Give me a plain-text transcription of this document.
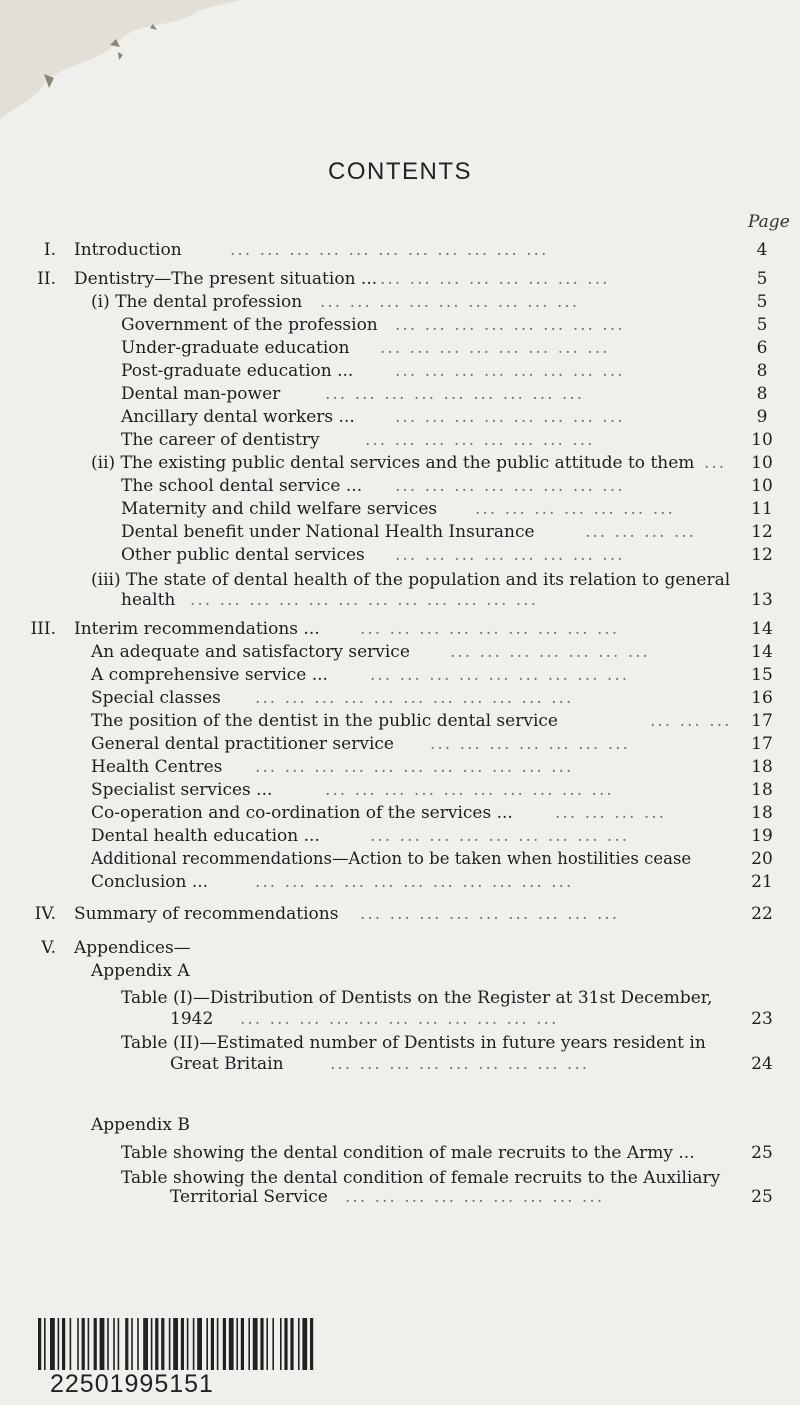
CONTENTS
Page
I. Introduction	... ... ... ... ... ... ... ... ... ... ...	4
II. Dentistry—The present situation ... ... ... ... ... ... ... ... ...	5
(i) The dental profession ... ... ... ... ... ... ... ... ...	5
Government of the profession ... ... ... ... ... ... ... ...	5
Under-graduate education ... ... ... ... ... ... ... ...	6
Post-graduate education ... ... ... ... ... ... ... ... ...	8
Dental man-power	... ... ... ... ... ... ... ... ...	8
Ancillary dental workers ... ... ... ... ... ... ... ... ...	9
The career of dentistry	... ... ... ... ... ... ... ...	10
(ii) The existing public dental services and the public attitude to them ...	10
The school dental service ... ... ... ... ... ... ... ... ...	10
Maternity and child welfare services ... ... ... ... ... ... ...	11
Dental benefit under National Health Insurance	... ... ... ...	12
Other public dental services ... ... ... ... ... ... ... ...	12
(iii) The state of dental health of the population and its relation to general
health ... ... ... ... ... ... ... ... ... ... ... ...	13
III. Interim recommendations ... ... ... ... ... ... ... ... ... ...	14
An adequate and satisfactory service ... ... ... ... ... ... ...	14
A comprehensive service ... ... ... ... ... ... ... ... ... ...	15
Special classes ... ... ... ... ... ... ... ... ... ... ...	16
The position of the dentist in the public dental service	... ... ... 17
General dental practitioner service ... ... ... ... ... ... ...	17
Health Centres ... ... ... ... ... ... ... ... ... ... ...	18
Specialist services ...	... ... ... ... ... ... ... ... ... ...	18
Co-operation and co-ordination of the services ... ... ... ... ...	18
Dental health education ...	... ... ... ... ... ... ... ... ...	19
Additional recommendations—Action to be taken when hostilities cease	20
Conclusion ...	... ... ... ... ... ... ... ... ... ... ...	21
IV. Summary of recommendations ... ... ... ... ... ... ... ... ...	22
V. Appendices—
Appendix A
Table (I)—Distribution of Dentists on the Register at 31st December,
1942 ... ... ... ... ... ... ... ... ... ... ...	23
Table (II)—Estimated number of Dentists in future years resident in
Great Britain	... ... ... ... ... ... ... ... ...	24
Appendix B
Table showing the dental condition of male recruits to the Army ...	25
Table showing the dental condition of female recruits to the Auxiliary
Territorial Service ... ... ... ... ... ... ... ... ...	25
22501995151
